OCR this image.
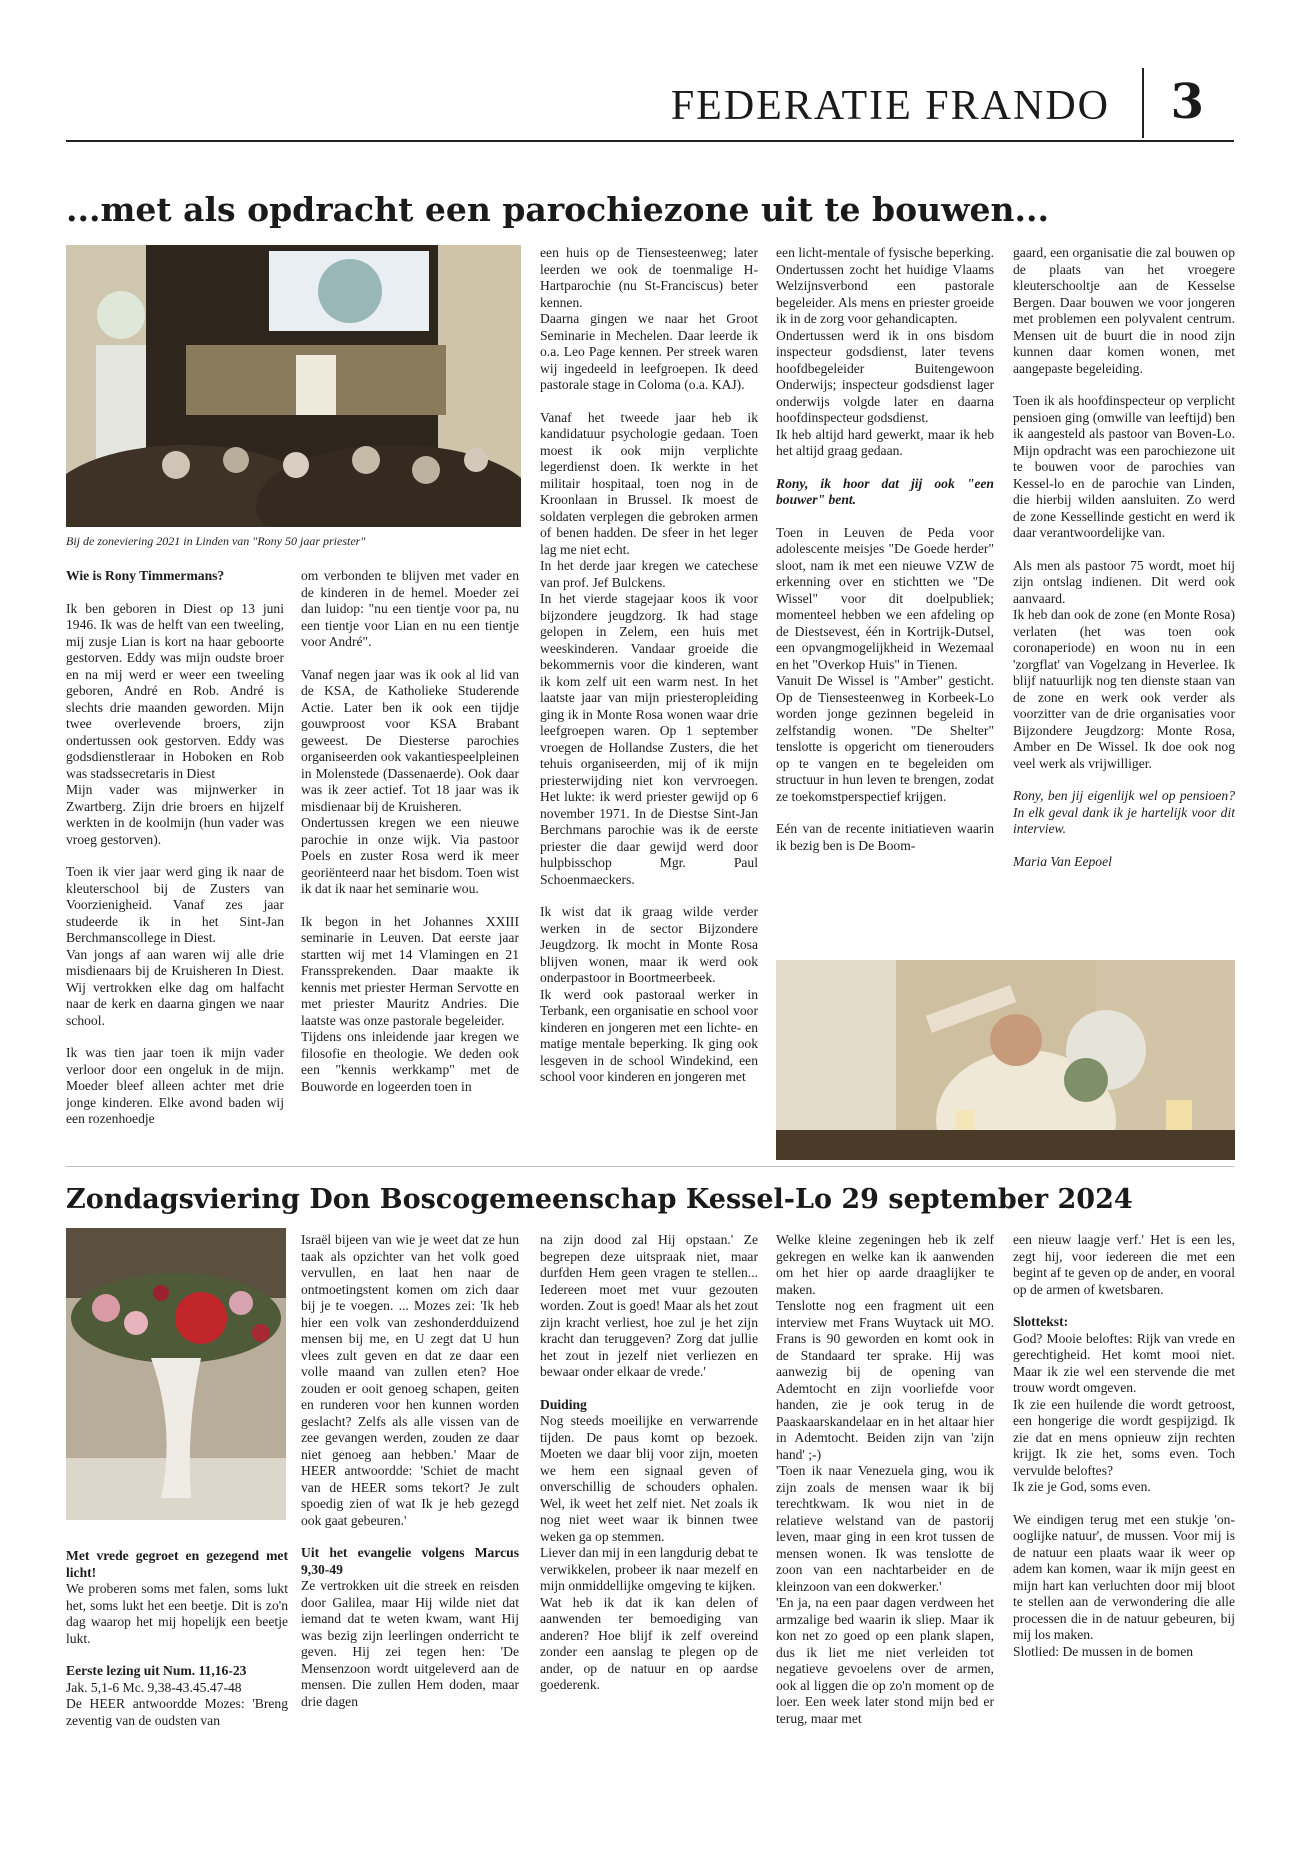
FEDERATIE FRANDO 3
...met als opdracht een parochiezone uit te bouwen...
Bij de zoneviering 2021 in Linden van "Rony 50 jaar priester"

Wie is Rony Timmermans?

Ik ben geboren in Diest op 13 juni 1946. Ik was de helft van een tweeling, mij zusje Lian is kort na haar geboorte gestorven. Eddy was mijn oudste broer en na mij werd er weer een tweeling geboren, André en Rob. André is slechts drie maanden geworden. Mijn twee overlevende broers, zijn ondertussen ook gestorven. Eddy was godsdienstleraar in Hoboken en Rob was stadssecretaris in Diest

Mijn vader was mijnwerker in Zwartberg. Zijn drie broers en hijzelf werkten in de koolmijn (hun vader was vroeg gestorven).

Toen ik vier jaar werd ging ik naar de kleuterschool bij de Zusters van Voorzienigheid. Vanaf zes jaar studeerde ik in het Sint-Jan Berchmanscollege in Diest.

Van jongs af aan waren wij alle drie misdienaars bij de Kruisheren In Diest. Wij vertrokken elke dag om halfacht naar de kerk en daarna gingen we naar school.

Ik was tien jaar toen ik mijn vader verloor door een ongeluk in de mijn. Moeder bleef alleen achter met drie jonge kinderen. Elke avond baden wij een rozenhoedje

om verbonden te blijven met vader en de kinderen in de hemel. Moeder zei dan luidop: "nu een tientje voor pa, nu een tientje voor Lian en nu een tientje voor André".

Vanaf negen jaar was ik ook al lid van de KSA, de Katholieke Studerende Actie. Later ben ik ook een tijdje gouwproost voor KSA Brabant geweest. De Diesterse parochies organiseerden ook vakantiespeelpleinen in Molenstede (Dassenaerde). Ook daar was ik zeer actief. Tot 18 jaar was ik misdienaar bij de Kruisheren.

Ondertussen kregen we een nieuwe parochie in onze wijk. Via pastoor Poels en zuster Rosa werd ik meer georiënteerd naar het bisdom. Toen wist ik dat ik naar het seminarie wou.

Ik begon in het Johannes XXIII seminarie in Leuven. Dat eerste jaar startten wij met 14 Vlamingen en 21 Franssprekenden. Daar maakte ik kennis met priester Herman Servotte en met priester Mauritz Andries. Die laatste was onze pastorale begeleider.

Tijdens ons inleidende jaar kregen we filosofie en theologie. We deden ook een "kennis werkkamp" met de Bouworde en logeerden toen in

een huis op de Tiensesteenweg; later leerden we ook de toenmalige H-Hartparochie (nu St-Franciscus) beter kennen.

Daarna gingen we naar het Groot Seminarie in Mechelen. Daar leerde ik o.a. Leo Page kennen. Per streek waren wij ingedeeld in leefgroepen. Ik deed pastorale stage in Coloma (o.a. KAJ).

Vanaf het tweede jaar heb ik kandidatuur psychologie gedaan. Toen moest ik ook mijn verplichte legerdienst doen. Ik werkte in het militair hospitaal, toen nog in de Kroonlaan in Brussel. Ik moest de soldaten verplegen die gebroken armen of benen hadden. De sfeer in het leger lag me niet echt.

In het derde jaar kregen we catechese van prof. Jef Bulckens.

In het vierde stagejaar koos ik voor bijzondere jeugdzorg. Ik had stage gelopen in Zelem, een huis met weeskinderen. Vandaar groeide die bekommernis voor die kinderen, want ik kom zelf uit een warm nest. In het laatste jaar van mijn priesteropleiding ging ik in Monte Rosa wonen waar drie leefgroepen waren. Op 1 september vroegen de Hollandse Zusters, die het tehuis organiseerden, mij of ik mijn priesterwijding niet kon vervroegen. Het lukte: ik werd priester gewijd op 6 november 1971. In de Diestse Sint-Jan Berchmans parochie was ik de eerste priester die daar gewijd werd door hulpbisschop Mgr. Paul Schoenmaeckers.

Ik wist dat ik graag wilde verder werken in de sector Bijzondere Jeugdzorg. Ik mocht in Monte Rosa blijven wonen, maar ik werd ook onderpastoor in Boortmeerbeek.

Ik werd ook pastoraal werker in Terbank, een organisatie en school voor kinderen en jongeren met een lichte- en matige mentale beperking. Ik ging ook lesgeven in de school Windekind, een school voor kinderen en jongeren met

een licht-mentale of fysische beperking. Ondertussen zocht het huidige Vlaams Welzijnsverbond een pastorale begeleider. Als mens en priester groeide ik in de zorg voor gehandicapten.

Ondertussen werd ik in ons bisdom inspecteur godsdienst, later tevens hoofdbegeleider Buitengewoon Onderwijs; inspecteur godsdienst lager onderwijs volgde later en daarna hoofdinspecteur godsdienst.

Ik heb altijd hard gewerkt, maar ik heb het altijd graag gedaan.

Rony, ik hoor dat jij ook "een bouwer" bent.

Toen in Leuven de Peda voor adolescente meisjes "De Goede herder" sloot, nam ik met een nieuwe VZW de erkenning over en stichtten we "De Wissel" voor dit doelpubliek; momenteel hebben we een afdeling op de Diestsevest, één in Kortrijk-Dutsel, een opvangmogelijkheid in Wezemaal en het "Overkop Huis" in Tienen.

Vanuit De Wissel is "Amber" gesticht. Op de Tiensesteenweg in Korbeek-Lo worden jonge gezinnen begeleid in zelfstandig wonen. "De Shelter" tenslotte is opgericht om tienerouders op te vangen en te begeleiden om structuur in hun leven te brengen, zodat ze toekomstperspectief krijgen.

Eén van de recente initiatieven waarin ik bezig ben is De Boom-

gaard, een organisatie die zal bouwen op de plaats van het vroegere kleuterschooltje aan de Kesselse Bergen. Daar bouwen we voor jongeren met problemen een polyvalent centrum. Mensen uit de buurt die in nood zijn kunnen daar komen wonen, met aangepaste begeleiding.

Toen ik als hoofdinspecteur op verplicht pensioen ging (omwille van leeftijd) ben ik aangesteld als pastoor van Boven-Lo. Mijn opdracht was een parochiezone uit te bouwen voor de parochies van Kessel-lo en de parochie van Linden, die hierbij wilden aansluiten. Zo werd de zone Kessellinde gesticht en werd ik daar verantwoordelijke van.

Als men als pastoor 75 wordt, moet hij zijn ontslag indienen. Dit werd ook aanvaard.

Ik heb dan ook de zone (en Monte Rosa) verlaten (het was toen ook coronaperiode) en woon nu in een 'zorgflat' van Vogelzang in Heverlee. Ik blijf natuurlijk nog ten dienste staan van de zone en werk ook verder als voorzitter van de drie organisaties voor Bijzondere Jeugdzorg: Monte Rosa, Amber en De Wissel. Ik doe ook nog veel werk als vrijwilliger.

Rony, ben jij eigenlijk wel op pensioen? In elk geval dank ik je hartelijk voor dit interview.

Maria Van Eepoel

Zondagsviering Don Boscogemeenschap Kessel-Lo 29 september 2024

Met vrede gegroet en gezegend met licht!

We proberen soms met falen, soms lukt het, soms lukt het een beetje. Dit is zo'n dag waarop het mij hopelijk een beetje lukt.

Eerste lezing uit Num. 11,16-23

Jak. 5,1-6 Mc. 9,38-43.45.47-48

De HEER antwoordde Mozes: 'Breng zeventig van de oudsten van

Israël bijeen van wie je weet dat ze hun taak als opzichter van het volk goed vervullen, en laat hen naar de ontmoetingstent komen om zich daar bij je te voegen. ... Mozes zei: 'Ik heb hier een volk van zeshonderdduizend mensen bij me, en U zegt dat U hun vlees zult geven en dat ze daar een volle maand van zullen eten? Hoe zouden er ooit genoeg schapen, geiten en runderen voor hen kunnen worden geslacht? Zelfs als alle vissen van de zee gevangen werden, zouden ze daar niet genoeg aan hebben.' Maar de HEER antwoordde: 'Schiet de macht van de HEER soms tekort? Je zult spoedig zien of wat Ik je heb gezegd ook gaat gebeuren.'

Uit het evangelie volgens Marcus 9,30-49

Ze vertrokken uit die streek en reisden door Galilea, maar Hij wilde niet dat iemand dat te weten kwam, want Hij was bezig zijn leerlingen onderricht te geven. Hij zei tegen hen: 'De Mensenzoon wordt uitgeleverd aan de mensen. Die zullen Hem doden, maar drie dagen

na zijn dood zal Hij opstaan.' Ze begrepen deze uitspraak niet, maar durfden Hem geen vragen te stellen... Iedereen moet met vuur gezouten worden. Zout is goed! Maar als het zout zijn kracht verliest, hoe zul je het zijn kracht dan teruggeven? Zorg dat jullie het zout in jezelf niet verliezen en bewaar onder elkaar de vrede.'

Duiding

Nog steeds moeilijke en verwarrende tijden. De paus komt op bezoek. Moeten we daar blij voor zijn, moeten we hem een signaal geven of onverschillig de schouders ophalen. Wel, ik weet het zelf niet. Net zoals ik nog niet weet waar ik binnen twee weken ga op stemmen.

Liever dan mij in een langdurig debat te verwikkelen, probeer ik naar mezelf en mijn onmiddellijke omgeving te kijken.

Wat heb ik dat ik kan delen of aanwenden ter bemoediging van anderen? Hoe blijf ik zelf overeind zonder een aanslag te plegen op de ander, op de natuur en op aardse goederenk.

Welke kleine zegeningen heb ik zelf gekregen en welke kan ik aanwenden om het hier op aarde draaglijker te maken.

Tenslotte nog een fragment uit een interview met Frans Wuytack uit MO. Frans is 90 geworden en komt ook in de Standaard ter sprake. Hij was aanwezig bij de opening van Ademtocht en zijn voorliefde voor handen, zie je ook terug in de Paaskaarskandelaar en in het altaar hier in Ademtocht. Beiden zijn van 'zijn hand' ;-)

'Toen ik naar Venezuela ging, wou ik zijn zoals de mensen waar ik bij terechtkwam. Ik wou niet in de relatieve welstand van de pastorij leven, maar ging in een krot tussen de mensen wonen. Ik was tenslotte de zoon van een nachtarbeider en de kleinzoon van een dokwerker.'

'En ja, na een paar dagen verdween het armzalige bed waarin ik sliep. Maar ik kon net zo goed op een plank slapen, dus ik liet me niet verleiden tot negatieve gevoelens over de armen, ook al liggen die op zo'n moment op de loer. Een week later stond mijn bed er terug, maar met

een nieuw laagje verf.' Het is een les, zegt hij, voor iedereen die met een begint af te geven op de ander, en vooral op de armen of kwetsbaren.

Slottekst:

God? Mooie beloftes: Rijk van vrede en gerechtigheid. Het komt mooi niet. Maar ik zie wel een stervende die met trouw wordt omgeven.

Ik zie een huilende die wordt getroost, een hongerige die wordt gespijzigd. Ik zie dat en mens opnieuw zijn rechten krijgt. Ik zie het, soms even. Toch vervulde beloftes?

Ik zie je God, soms even.

We eindigen terug met een stukje 'on-ooglijke natuur', de mussen. Voor mij is de natuur een plaats waar ik weer op adem kan komen, waar ik mijn geest en mijn hart kan verluchten door mij bloot te stellen aan de verwondering die alle processen die in de natuur gebeuren, bij mij los maken.

Slotlied: De mussen in de bomen
